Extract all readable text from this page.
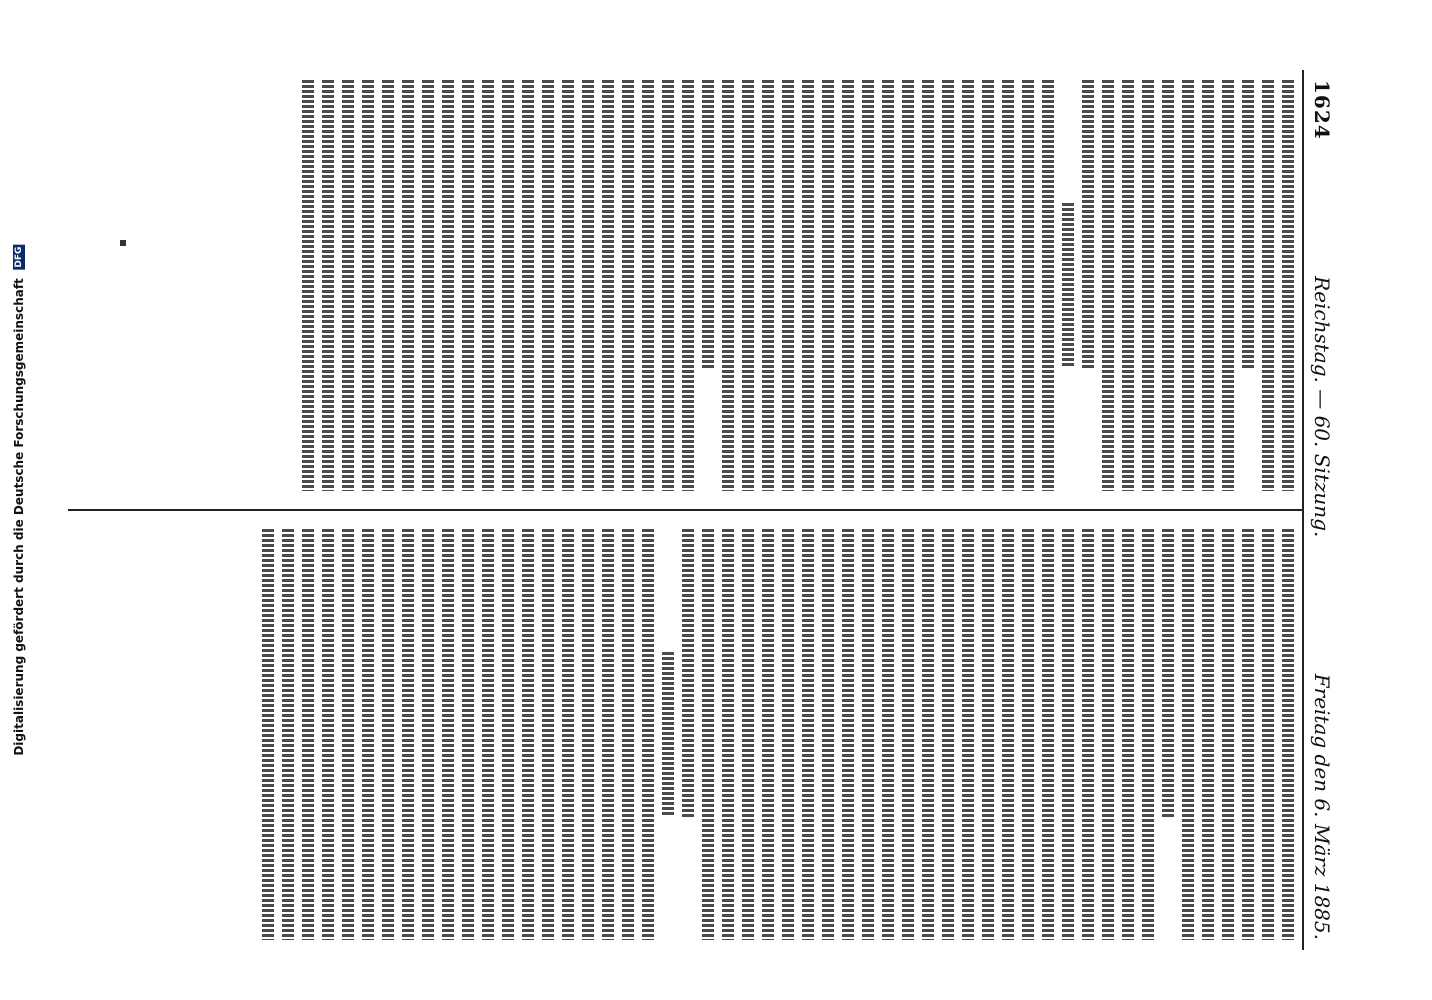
Digitalisierung gefördert durch die Deutsche Forschungsgemeinschaft DFG
1624
Reichstag. — 60. Sitzung.
Freitag den 6. März 1885.
